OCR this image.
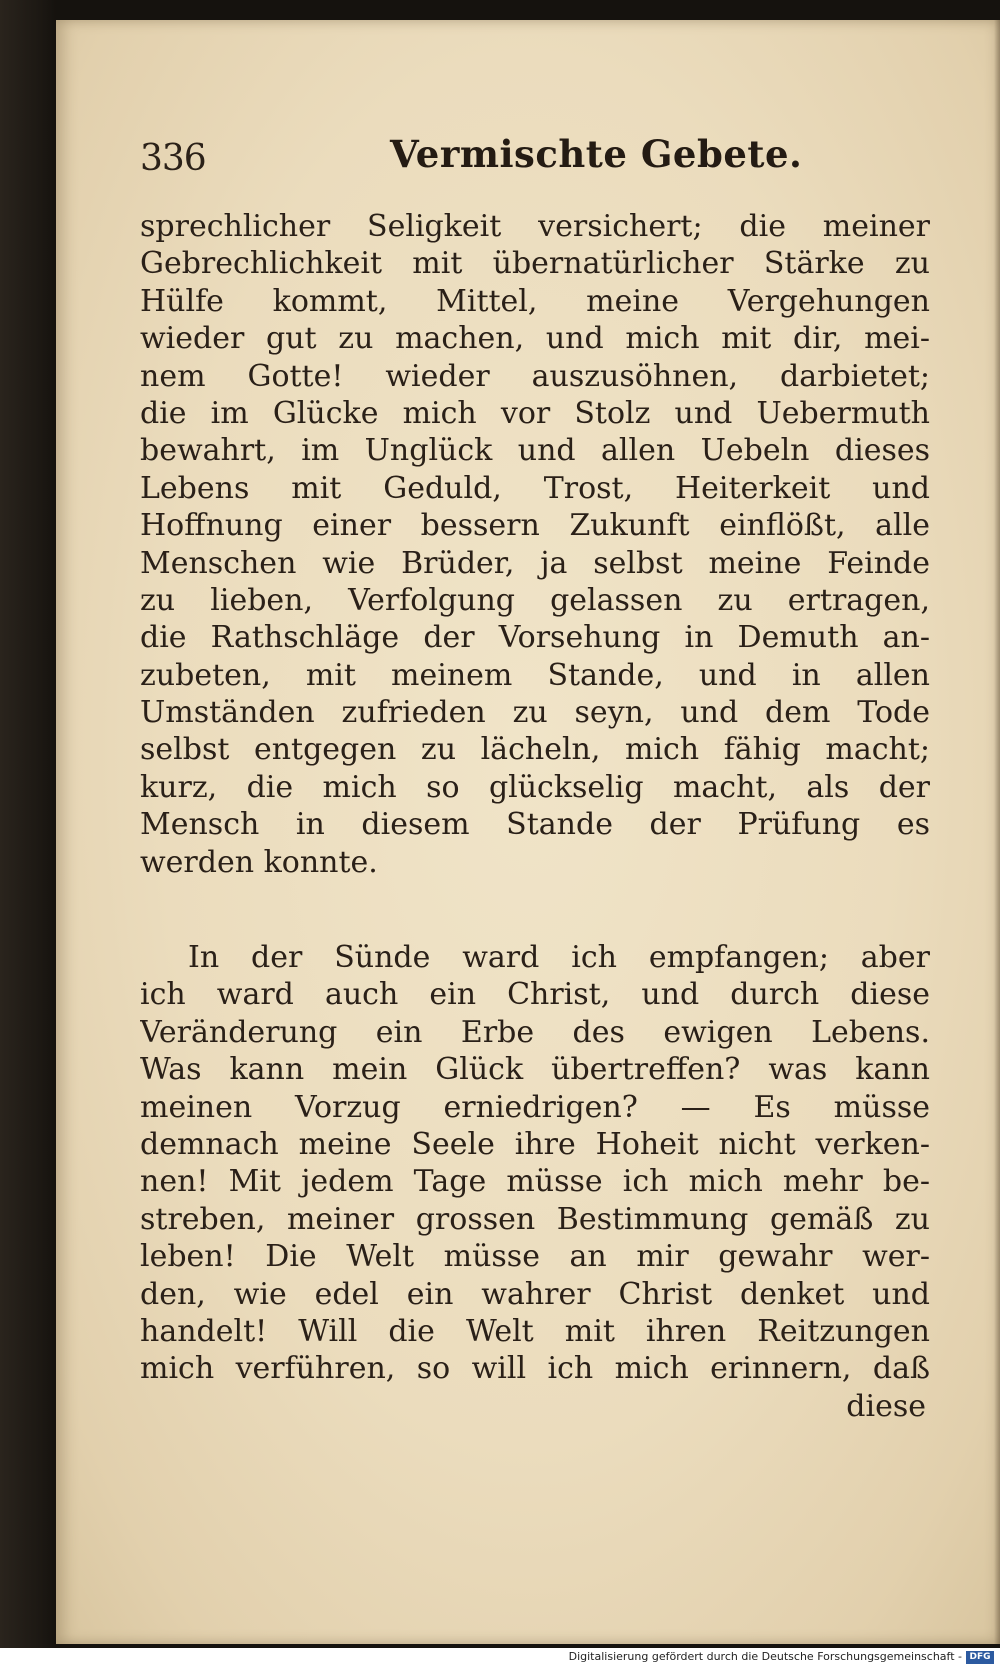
336	Vermischte Gebete.
sprechlicher Seligkeit versichert; die meiner
Gebrechlichkeit mit übernatürlicher Stärke zu
Hülfe kommt, Mittel, meine Vergehungen
wieder gut zu machen, und mich mit dir, mei-
nem Gotte! wieder auszusöhnen, darbietet;
die im Glücke mich vor Stolz und Uebermuth
bewahrt, im Unglück und allen Uebeln dieses
Lebens mit Geduld, Trost, Heiterkeit und
Hoffnung einer bessern Zukunft einflößt, alle
Menschen wie Brüder, ja selbst meine Feinde
zu lieben, Verfolgung gelassen zu ertragen,
die Rathschläge der Vorsehung in Demuth an-
zubeten, mit meinem Stande, und in allen
Umständen zufrieden zu seyn, und dem Tode
selbst entgegen zu lächeln, mich fähig macht;
kurz, die mich so glückselig macht, als der
Mensch in diesem Stande der Prüfung es
werden konnte.
In der Sünde ward ich empfangen; aber
ich ward auch ein Christ, und durch diese
Veränderung ein Erbe des ewigen Lebens.
Was kann mein Glück übertreffen? was kann
meinen Vorzug erniedrigen? — Es müsse
demnach meine Seele ihre Hoheit nicht verken-
nen! Mit jedem Tage müsse ich mich mehr be-
streben, meiner grossen Bestimmung gemäß zu
leben! Die Welt müsse an mir gewahr wer-
den, wie edel ein wahrer Christ denket und
handelt! Will die Welt mit ihren Reitzungen
mich verführen, so will ich mich erinnern, daß
diese
Digitalisierung gefördert durch die Deutsche Forschungsgemeinschaft - DFG
